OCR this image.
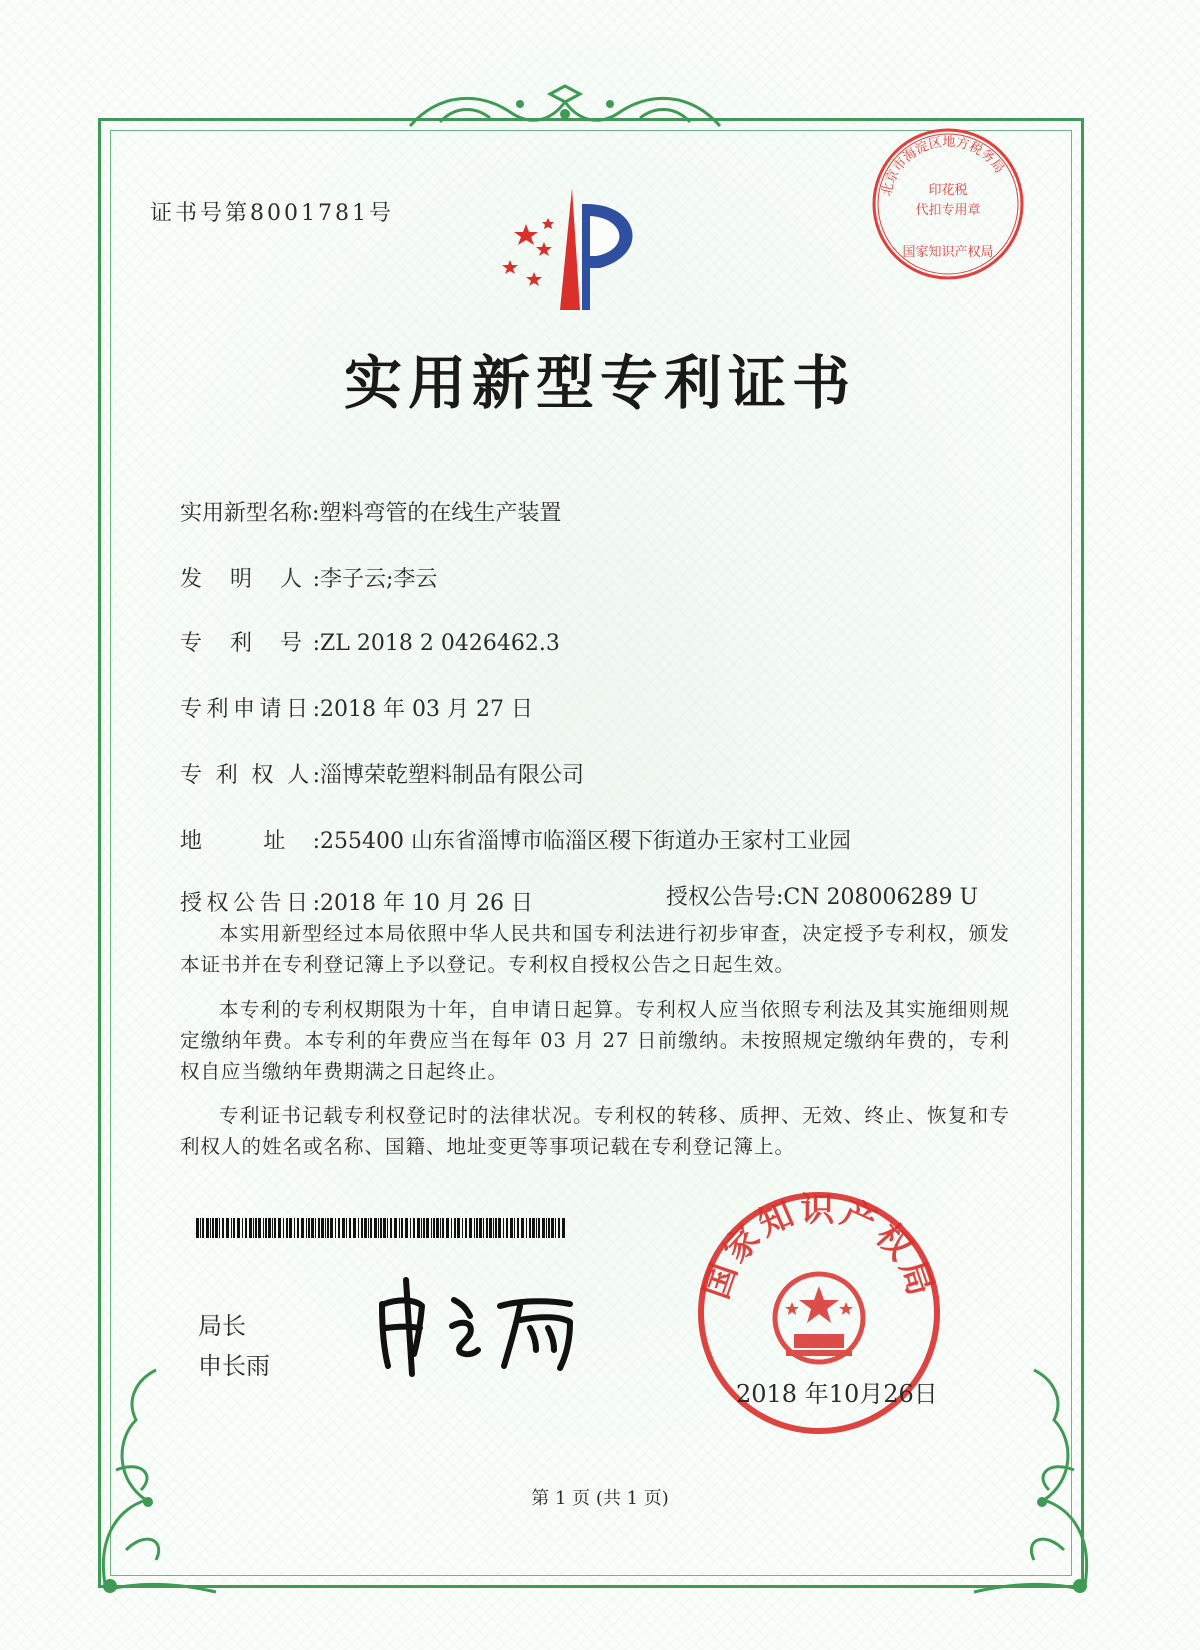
证书号第8001781号
北京市海淀区地方税务局
印花税
代扣专用章
国家知识产权局
实用新型专利证书
实用新型名称:塑料弯管的在线生产装置
发 明 人:李子云;李云
专 利 号:ZL 2018 2 0426462.3
专利申请日:2018 年 03 月 27 日
专 利 权 人:淄博荣乾塑料制品有限公司
地 址:255400 山东省淄博市临淄区稷下街道办王家村工业园
授权公告日:2018 年 10 月 26 日	授权公告号:CN 208006289 U

本实用新型经过本局依照中华人民共和国专利法进行初步审查，决定授予专利权，颁发本证书并在专利登记簿上予以登记。专利权自授权公告之日起生效。

本专利的专利权期限为十年，自申请日起算。专利权人应当依照专利法及其实施细则规定缴纳年费。本专利的年费应当在每年 03 月 27 日前缴纳。未按照规定缴纳年费的，专利权自应当缴纳年费期满之日起终止。

专利证书记载专利权登记时的法律状况。专利权的转移、质押、无效、终止、恢复和专利权人的姓名或名称、国籍、地址变更等事项记载在专利登记簿上。

局长
申长雨
国家知识产权局
2018 年10月26日
第 1 页 (共 1 页)
